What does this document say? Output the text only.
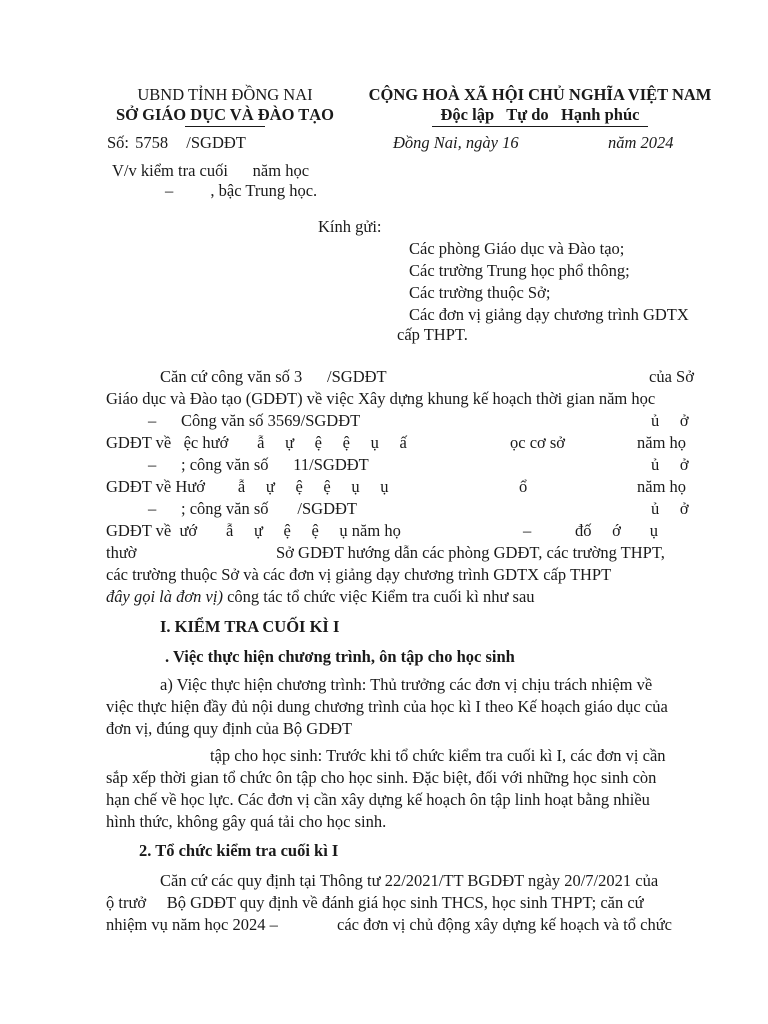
UBND TỈNH ĐỒNG NAI
SỞ GIÁO DỤC VÀ ĐÀO TẠO
Số: 5758 /SGDĐT
V/v kiểm tra cuối      năm học
–         , bậc Trung học.
CỘNG HOÀ XÃ HỘI CHỦ NGHĨA VIỆT NAM
Độc lập   Tự do   Hạnh phúc
Đồng Nai, ngày 16	năm 2024
Kính gửi:
Các phòng Giáo dục và Đào tạo;
Các trường Trung học phổ thông;
Các trường thuộc Sở;
Các đơn vị giảng dạy chương trình GDTX
cấp THPT.
Căn cứ công văn số 3      /SGDĐT	của Sở
Giáo dục và Đào tạo (GDĐT) về việc Xây dựng khung kế hoạch thời gian năm học
–      Công văn số 3569/SGDĐT	ủ     ở
GDĐT về   ệc hướ       ẫ     ự     ệ     ệ     ụ     ấ	ọc cơ sở	năm họ
–      ; công văn số      11/SGDĐT	ủ     ở
GDĐT về Hướ        ẫ     ự     ệ     ệ     ụ     ụ	ổ	năm họ
–      ; công văn số       /SGDĐT	ủ     ở
GDĐT về  ướ       ẫ     ự     ệ     ệ     ụ năm họ	–	đố     ớ       ụ
thườ	Sở GDĐT hướng dẫn các phòng GDĐT, các trường THPT,
các trường thuộc Sở và các đơn vị giảng dạy chương trình GDTX cấp THPT
đây gọi là đơn vị) công tác tổ chức việc Kiểm tra cuối kì như sau
I. KIỂM TRA CUỐI KÌ I
. Việc thực hiện chương trình, ôn tập cho học sinh
a) Việc thực hiện chương trình: Thủ trưởng các đơn vị chịu trách nhiệm về
việc thực hiện đầy đủ nội dung chương trình của học kì I theo Kế hoạch giáo dục của
đơn vị, đúng quy định của Bộ GDĐT
tập cho học sinh: Trước khi tổ chức kiểm tra cuối kì I, các đơn vị cần
sắp xếp thời gian tổ chức ôn tập cho học sinh. Đặc biệt, đối với những học sinh còn
hạn chế về học lực. Các đơn vị cần xây dựng kế hoạch ôn tập linh hoạt bằng nhiều
hình thức, không gây quá tải cho học sinh.
2. Tổ chức kiểm tra cuối kì I
Căn cứ các quy định tại Thông tư 22/2021/TT BGDĐT ngày 20/7/2021 của
ộ trưở     Bộ GDĐT quy định về đánh giá học sinh THCS, học sinh THPT; căn cứ
nhiệm vụ năm học 2024 –	các đơn vị chủ động xây dựng kế hoạch và tổ chức
